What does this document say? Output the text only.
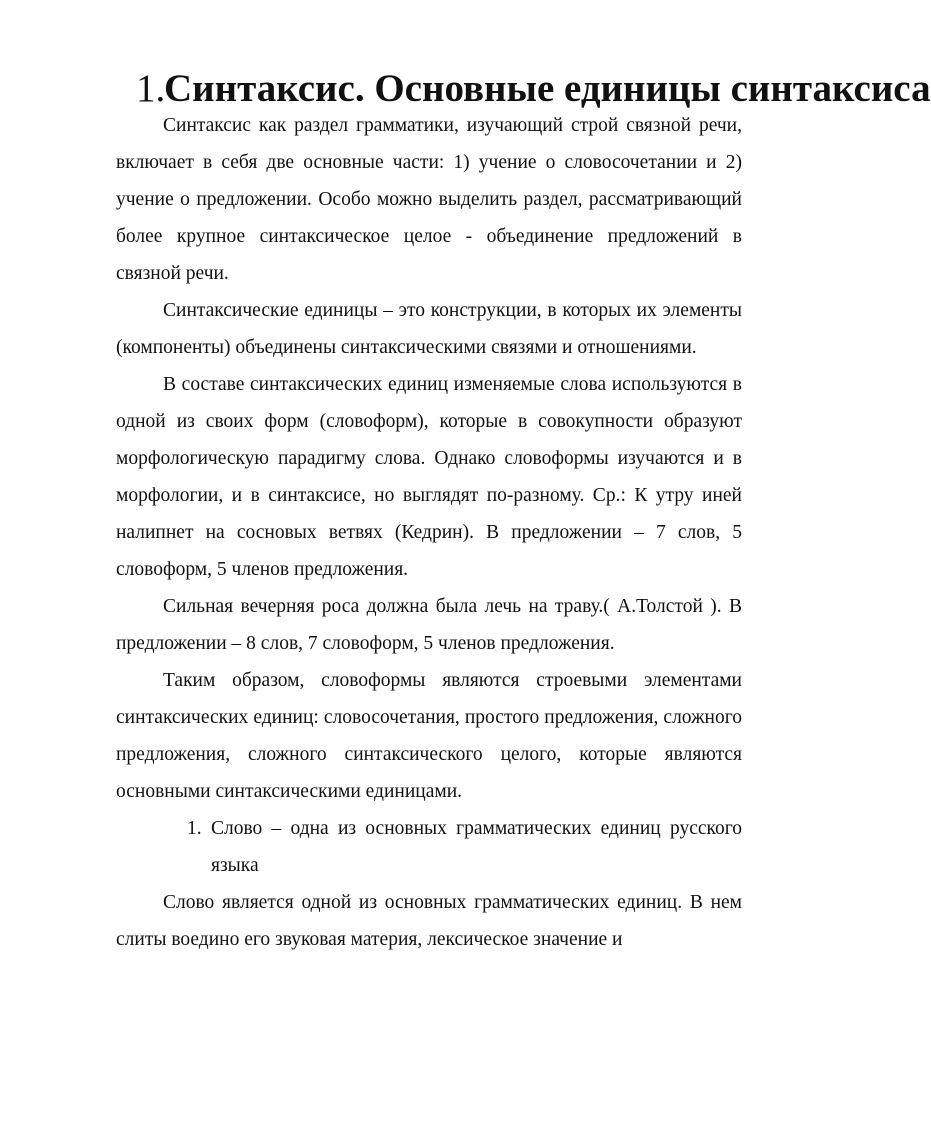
1.
Синтаксис. Основные единицы синтаксиса

Синтаксис как раздел грамматики, изучающий строй связной речи, включает в себя две основные части: 1) учение о словосочетании и 2) учение о предложении. Особо можно выделить раздел, рассматривающий более крупное синтаксическое целое - объединение предложений в связной речи.

Синтаксические единицы – это конструкции, в которых их элементы (компоненты) объединены синтаксическими связями и отношениями.

В составе синтаксических единиц изменяемые слова используются в одной из своих форм (словоформ), которые в совокупности образуют морфологическую парадигму слова. Однако словоформы изучаются и в морфологии, и в синтаксисе, но выглядят по-разному. Ср.: К утру иней налипнет на сосновых ветвях (Кедрин). В предложении – 7 слов, 5 словоформ, 5 членов предложения.

Сильная вечерняя роса должна была лечь на траву.( А.Толстой ). В предложении – 8 слов, 7 словоформ, 5 членов предложения.

Таким образом, словоформы являются строевыми элементами синтаксических единиц: словосочетания, простого предложения, сложного предложения, сложного синтаксического целого, которые являются основными синтаксическими единицами.

1. Слово – одна из основных грамматических единиц русского языка

Слово является одной из основных грамматических единиц. В нем слиты воедино его звуковая материя, лексическое значение и
